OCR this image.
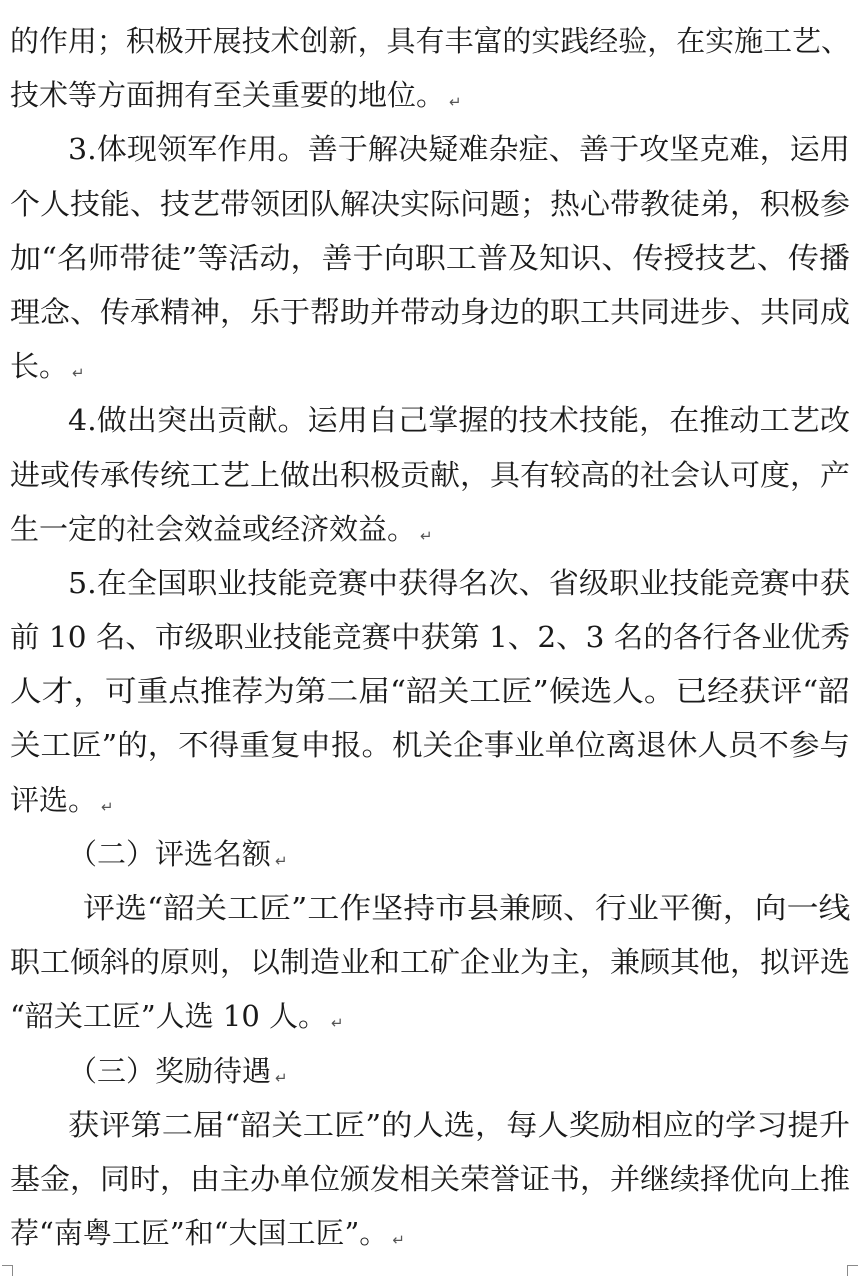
的作用；积极开展技术创新，具有丰富的实践经验，在实施工艺、
技术等方面拥有至关重要的地位。 ↵
3.体现领军作用。善于解决疑难杂症、善于攻坚克难，运用
个人技能、技艺带领团队解决实际问题；热心带教徒弟，积极参
加“名师带徒”等活动，善于向职工普及知识、传授技艺、传播
理念、传承精神，乐于帮助并带动身边的职工共同进步、共同成
长。 ↵
4.做出突出贡献。运用自己掌握的技术技能，在推动工艺改
进或传承传统工艺上做出积极贡献，具有较高的社会认可度，产
生一定的社会效益或经济效益。 ↵
5.在全国职业技能竞赛中获得名次、省级职业技能竞赛中获
前 10 名、市级职业技能竞赛中获第 1、2、3 名的各行各业优秀
人才，可重点推荐为第二届“韶关工匠”候选人。已经获评“韶
关工匠”的，不得重复申报。机关企事业单位离退休人员不参与
评选。 ↵
（二）评选名额 ↵
评选“韶关工匠”工作坚持市县兼顾、行业平衡，向一线
职工倾斜的原则，以制造业和工矿企业为主，兼顾其他，拟评选
“韶关工匠”人选 10 人。 ↵
（三）奖励待遇 ↵
获评第二届“韶关工匠”的人选，每人奖励相应的学习提升
基金，同时，由主办单位颁发相关荣誉证书，并继续择优向上推
荐“南粤工匠”和“大国工匠”。 ↵
